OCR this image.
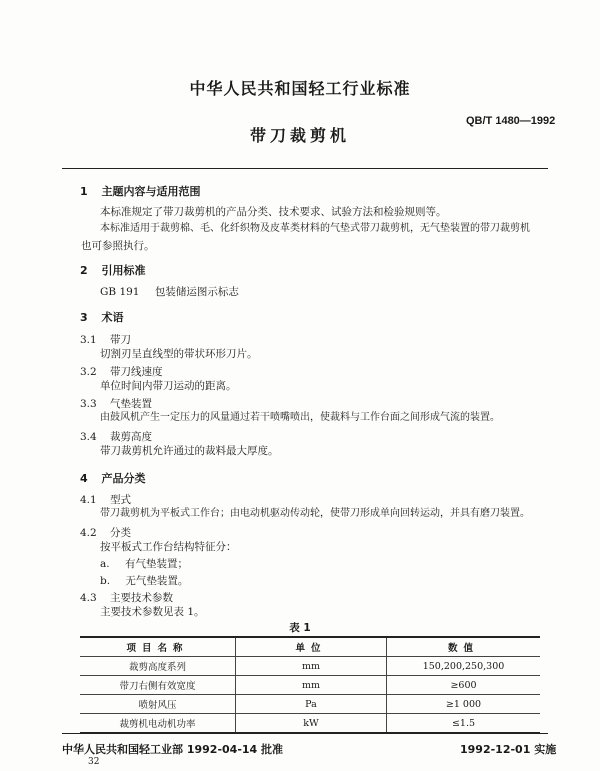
中华人民共和国轻工行业标准
带刀裁剪机
QB/T 1480—1992
1 主题内容与适用范围
本标准规定了带刀裁剪机的产品分类、技术要求、试验方法和检验规则等。
本标准适用于裁剪棉、毛、化纤织物及皮革类材料的气垫式带刀裁剪机，无气垫装置的带刀裁剪机
也可参照执行。
2 引用标准
GB 191 包装储运图示标志
3 术语
3.1 带刀
切割刃呈直线型的带状环形刀片。
3.2 带刀线速度
单位时间内带刀运动的距离。
3.3 气垫装置
由鼓风机产生一定压力的风量通过若干喷嘴喷出，使裁料与工作台面之间形成气流的装置。
3.4 裁剪高度
带刀裁剪机允许通过的裁料最大厚度。
4 产品分类
4.1 型式
带刀裁剪机为平板式工作台；由电动机驱动传动轮，使带刀形成单向回转运动，并具有磨刀装置。
4.2 分类
按平板式工作台结构特征分：
a. 有气垫装置；
b. 无气垫装置。
4.3 主要技术参数
主要技术参数见表 1。
表 1
项目名称	单位	数值
裁剪高度系列	mm	150,200,250,300
带刀右侧有效宽度	mm	≥600
喷射风压	Pa	≥1 000
裁剪机电动机功率	kW	≤1.5
中华人民共和国轻工业部 1992-04-14 批准	1992-12-01 实施
32
